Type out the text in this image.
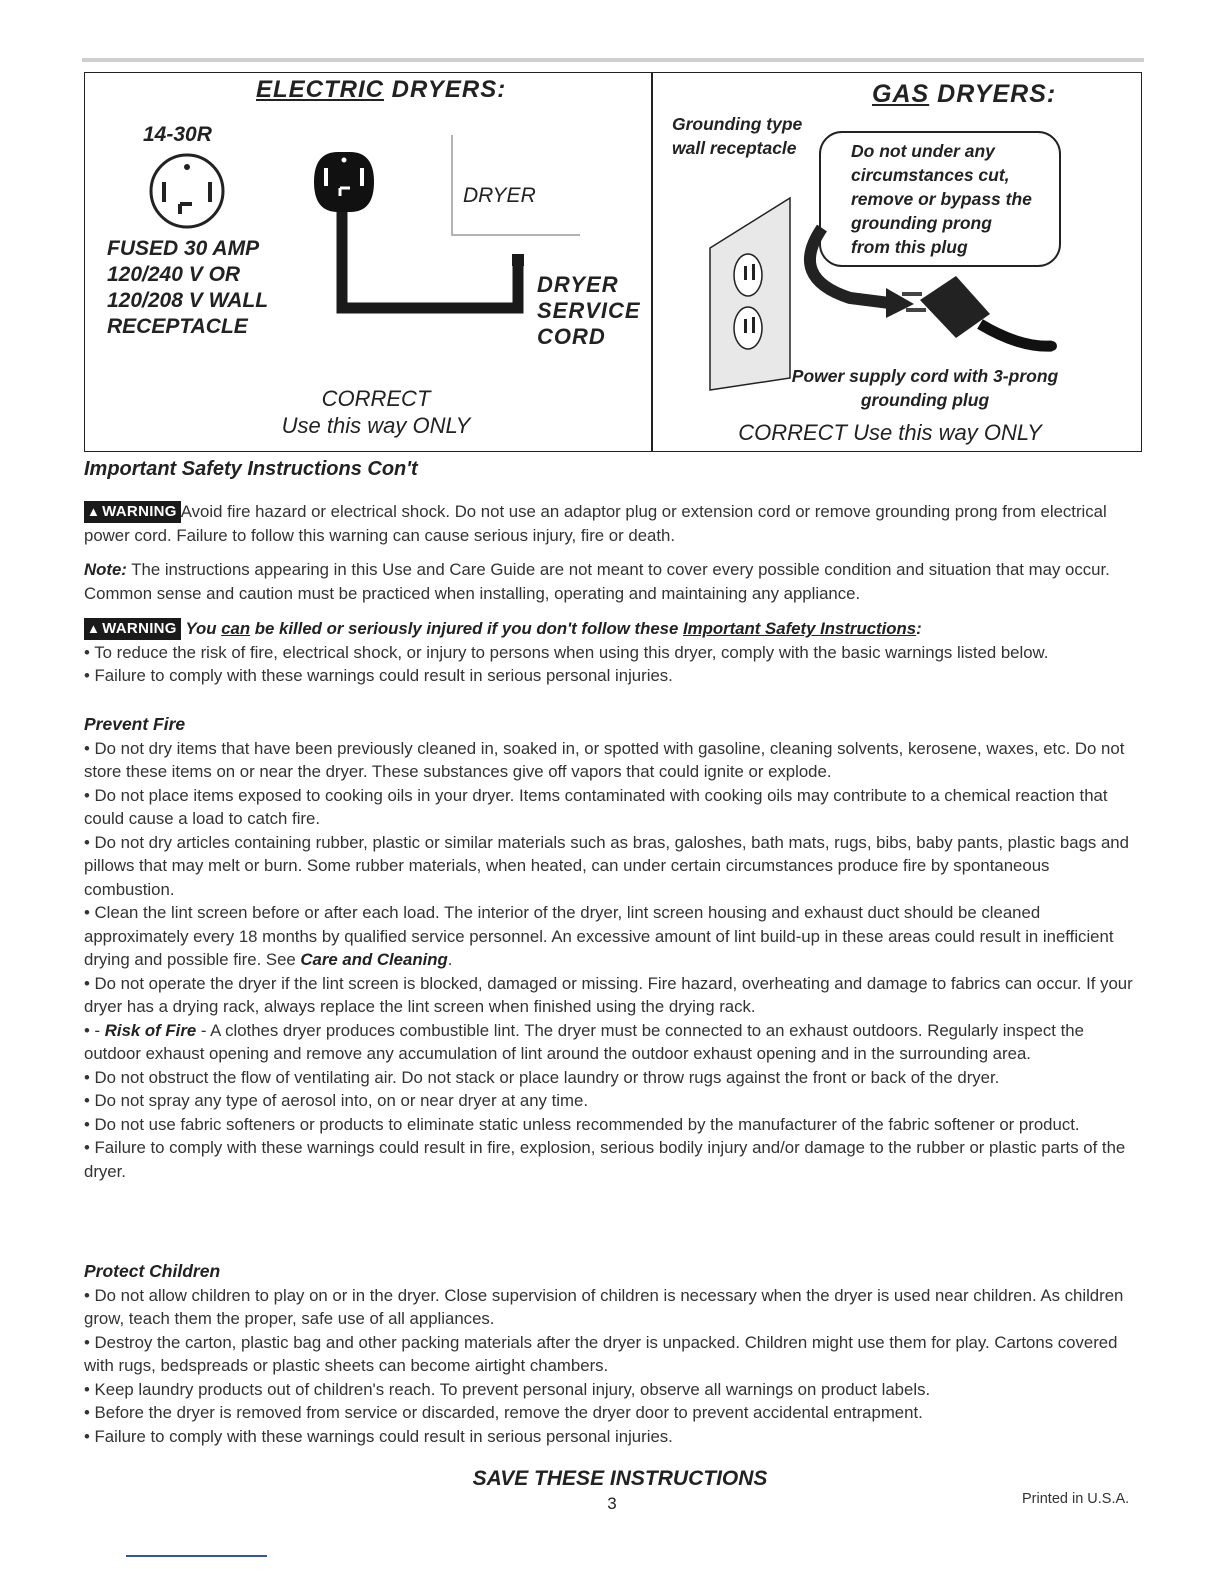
ELECTRIC DRYERS:

14-30R

FUSED 30 AMP
120/240 V OR
120/208 V WALL
RECEPTACLE

DRYER

DRYER
SERVICE
CORD

CORRECT

Use this way ONLY

GAS DRYERS:

Grounding type
wall receptacle	Do not under any
circumstances cut,
remove or bypass the
grounding prong
from this plug
Power supply cord with 3-prong
grounding plug

CORRECT Use this way ONLY

Important Safety Instructions Con't

▲ WARNING Avoid fire hazard or electrical shock. Do not use an adaptor plug or extension cord or remove grounding prong from electrical power cord. Failure to follow this warning can cause serious injury, fire or death.

Note: The instructions appearing in this Use and Care Guide are not meant to cover every possible condition and situation that may occur. Common sense and caution must be practiced when installing, operating and maintaining any appliance.

▲ WARNING You can be killed or seriously injured if you don't follow these Important Safety Instructions:

• To reduce the risk of fire, electrical shock, or injury to persons when using this dryer, comply with the basic warnings listed below.

• Failure to comply with these warnings could result in serious personal injuries.

Prevent Fire

• Do not dry items that have been previously cleaned in, soaked in, or spotted with gasoline, cleaning solvents, kerosene, waxes, etc. Do not store these items on or near the dryer. These substances give off vapors that could ignite or explode.

• Do not place items exposed to cooking oils in your dryer. Items contaminated with cooking oils may contribute to a chemical reaction that could cause a load to catch fire.

• Do not dry articles containing rubber, plastic or similar materials such as bras, galoshes, bath mats, rugs, bibs, baby pants, plastic bags and pillows that may melt or burn. Some rubber materials, when heated, can under certain circumstances produce fire by spontaneous combustion.

• Clean the lint screen before or after each load. The interior of the dryer, lint screen housing and exhaust duct should be cleaned approximately every 18 months by qualified service personnel. An excessive amount of lint build-up in these areas could result in inefficient drying and possible fire. See Care and Cleaning.

• Do not operate the dryer if the lint screen is blocked, damaged or missing. Fire hazard, overheating and damage to fabrics can occur. If your dryer has a drying rack, always replace the lint screen when finished using the drying rack.

• - Risk of Fire - A clothes dryer produces combustible lint. The dryer must be connected to an exhaust outdoors. Regularly inspect the outdoor exhaust opening and remove any accumulation of lint around the outdoor exhaust opening and in the surrounding area.

• Do not obstruct the flow of ventilating air. Do not stack or place laundry or throw rugs against the front or back of the dryer.

• Do not spray any type of aerosol into, on or near dryer at any time.

• Do not use fabric softeners or products to eliminate static unless recommended by the manufacturer of the fabric softener or product.

• Failure to comply with these warnings could result in fire, explosion, serious bodily injury and/or damage to the rubber or plastic parts of the dryer.

Protect Children

• Do not allow children to play on or in the dryer. Close supervision of children is necessary when the dryer is used near children. As children grow, teach them the proper, safe use of all appliances.

• Destroy the carton, plastic bag and other packing materials after the dryer is unpacked. Children might use them for play. Cartons covered with rugs, bedspreads or plastic sheets can become airtight chambers.

• Keep laundry products out of children's reach. To prevent personal injury, observe all warnings on product labels.

• Before the dryer is removed from service or discarded, remove the dryer door to prevent accidental entrapment.

• Failure to comply with these warnings could result in serious personal injuries.

SAVE THESE INSTRUCTIONS

3	Printed in U.S.A.
